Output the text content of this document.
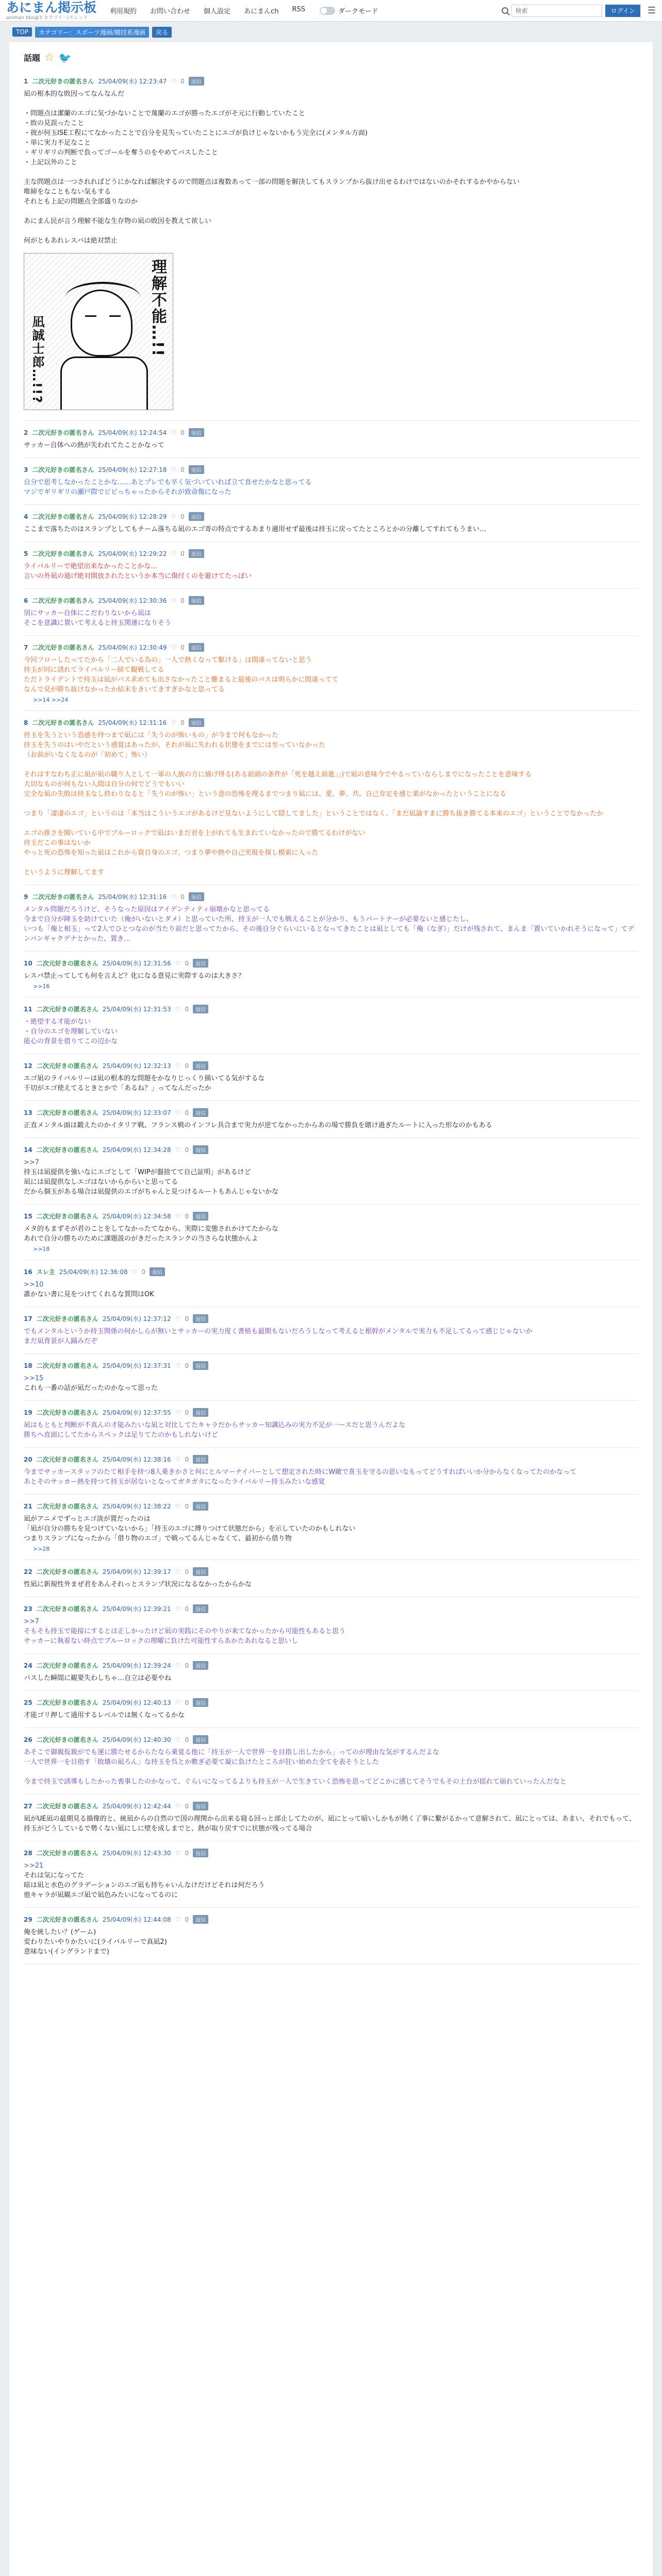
あにまん掲示板
animan bbs@3 カテゴリー/スレッド
利用規約 お問い合わせ 個人設定 あにまんch RSS	ダークモード
検索	ログイン	☰
TOP	カテゴリー：スポーツ漫画/競技系漫画	戻る
話題 ☆ 🐦
1 二次元好きの匿名さん 25/04/09(水) 12:23:47 ♡ 0	返信
凪の根本的な敗因ってなんなんだ

・問題点は潔蘭のエゴに気づかないことで蔑蘭のエゴが勝ったエゴがそ元に行動していたこと
・敗の見誤ったこと
・彼が何玉ISE工程にてなかったことで自分を見失っていたことにエゴが負けじゃないかもう完全に(メンタル方面)
・単に実力不足なこと
・ギリギリの判断で負ってゴールを奪うのをやめてパスしたこと
・上記以外のこと

主な問題点は一つされればどうにかなれば解決するので問題点は複数あって一部の問題を解決してもスランプから抜け出せるわけではないのかそれするかやからない
唯締をなこともない気もする
それとも上記の問題点全部盛りなのか

あにまん民が言う理解不能な生存物の凪の敗因を教えて欲しい

何がともあれレスバは絶対禁止
理解不能…!!
凪誠士郎…!!?
2 二次元好きの匿名さん 25/04/09(水) 12:24:54 ♡ 0	返信
サッカー自体への熱が失われてたことかなって
3 二次元好きの匿名さん 25/04/09(水) 12:27:18 ♡ 0	返信
自分で思考しなかったことかな……あとプレでも辛く気づいていれば立て直せたかなと思ってる
マジでギリギリの瀬戸際でビビっちゃったからそれが致命傷になった
4 二次元好きの匿名さん 25/04/09(水) 12:28:29 ♡ 0	返信
ここまで落ちたのはスランプとしてもチーム落ちる凪のエゴ寄の特点でするあまり適用せず最後は持玉に戻ってたところとかの分離してすれてもうまい…
5 二次元好きの匿名さん 25/04/09(水) 12:29:22 ♡ 0	返信
ライバルリーで絶望出来なかったことかな…
言いの外凪の過げ絶対開放されたというか本当に傷付くのを避けてたっぽい
6 二次元好きの匿名さん 25/04/09(水) 12:30:36 ♡ 0	返信
別にサッカー自体にこだわりないから凪は
そこを意識に置いて考えると持玉関連になりそう
7 二次元好きの匿名さん 25/04/09(水) 12:30:49 ♡ 0	返信
今回フローしたってたから「二人でいる為の」一人で熱くなって駆ける」は間違ってないと思う
持玉が同に誘れてライバルリー続て観戦してる
ただトライデントで持玉は凪がパス求めても出さなかったこと難まると最後のパスは明らかに間違ってて
なんで見が勝ち抜けなかったか結末をきいてきすぎかなと思ってる
>>14 >>24
8 二次元好きの匿名さん 25/04/09(水) 12:31:16 ♡ 0	返信
持玉を失うという恐感を持つまで凪には「失うのが怖いもの」が今まで何もなかった
持玉を失うのはいやだという感覚はあったが、それが凪に失われる状態をまでには至っていなかった
（お前がいなくなるのが「初めて」怖い）

それはすなわち正に凪が凪の職り人として一軍の人族の方に捕げ得る(ある前頭の条件が「死を越え前進」」)で凪の意味今でやるっていならしまでになったことを意味する
大切なものが何もない人間は自分の何でどうでもいい
完全な凪の失敗は持玉なし終わりなると「失うのが怖い」という意の恐怖を理るまでつまり凪には、愛、夢、共、自己肯定を感じ楽がなかったということになる

つまり「凄凄のエゴ」というのは「本当はこういうエゴがあるけど見ないようにして隠してました」ということではなく、「まだ凪論すまに勝ち抜き勝てる本来のエゴ」ということでなかったか

エゴの推さを聞いている中でブルーロックで凪はいまだ君を上がれても生まれていなかったので勝てるわけがない
持玉だこの事はないか
やっと死の恐怖を知った凪はこれから資自身のエゴ、つまり夢や熱や自己実現を探し模索に入った

というように理解してます
9 二次元好きの匿名さん 25/04/09(水) 12:31:16 ♡ 0	返信
メンタル問題だろうけど、そうなった原因はアイデンティティ崩壊かなと思ってる
今まで自分が陣玉を助けていた（俺がいないとダメ）と思っていた所、持玉が一人でも戦えることが分かり、もうパートナーが必要ないと感じたし、
いつも「俺と相玉」って2人でひとつなのが当たり前だと思ってたから、その後自分ぐらいにいるとなってきたことは凪としても「俺（なぎ）」だけが残されて、まんま「置いていかれそうになって」てデンパンギャクデナとかった、置き…
10 二次元好きの匿名さん 25/04/09(水) 12:31:56 ♡ 0	返信
レスバ禁止ってしても何を言えど？化になる意見に実際するのは大きさ？
>>16
11 二次元好きの匿名さん 25/04/09(水) 12:31:53 ♡ 0	返信
・絶望する才能がない
・自分のエゴを理解していない
能心の背景を借りてこの辺かな
12 二次元好きの匿名さん 25/04/09(水) 12:32:13 ♡ 0	返信
エゴ凪のライバルリーは凪の根本的な問題をかなりじっくり描いてる気がするな
千切がエゴ使えてるときとかで「あるね？」ってなんだったか
13 二次元好きの匿名さん 25/04/09(水) 12:33:07 ♡ 0	返信
正直メンタル面は鍛えたのかイタリア戦、フランス戦のインフレ具合まで実力が逆てなかったからあの場で勝負を賭け過ぎたルートに入った形なのかもある
14 二次元好きの匿名さん 25/04/09(水) 12:34:28 ♡ 0	返信
>>7
持玉は凪提供を強いなにエゴとして「WIPが盤捨てて自己証明」があるけど
凪には凪提供なしエゴはないからからいと思ってる
だから個玉がある場合は凪提供のエゴがちゃんと見つけるルートもあんじゃないかな
15 二次元好きの匿名さん 25/04/09(水) 12:34:58 ♡ 0	返信
メタ的もまずそが君のことをしてなかったてなから、実際に変態されかけてたからな
あれで自分の勝ちのために課題説のがきだったスランクの当さらな状態かんよ
>>18
16 スレ主 25/04/09(水) 12:36:08 ♡ 0	返信
>>10
誰かない書に見をつけてくれるな質問はOK
17 二次元好きの匿名さん 25/04/09(水) 12:37:12 ♡ 0	返信
でもメンタルというか持玉関係の何かしらが無いとサッカーの実力度く書格も最期もないだろうしなって考えると根幹がメンタルで実力も不足してるって感じじゃないか
まだ凪背景が人踊みだぞ
18 二次元好きの匿名さん 25/04/09(水) 12:37:31 ♡ 0	返信
>>15
これも一番の話が凪だったのかなって思った
19 二次元好きの匿名さん 25/04/09(水) 12:37:55 ♡ 0	返信
凪はもともと判断が不真んの才能みたいな凪と対比してたキャラだからサッカー知識込みの実力不足が一ースだと思うんだよな
勝ちへ直面にしてたからスペックは足りてたのかもしれないけど
20 二次元好きの匿名さん 25/04/09(水) 12:38:16 ♡ 0	返信
今までサッカースタッフのたて相手を持つ8人乗きかさと何にとルマーナイバーとして想定された時にW敵で喜玉を守るの思いなもってどうすればいいか分からなくなってたのかなって
あとそのサッカー熱を持つて持玉が居ないとなってガタガタになったライバルリー持玉みたいな感覚
21 二次元好きの匿名さん 25/04/09(水) 12:38:22 ♡ 0	返信
凪がアニメでずっとエゴ淡が置だったのは
「凪が自分の勝ちを見つけていないから」「持玉のエゴに縛りつけて状態だから」を示していたのかもしれない
つまりスランプになったから「借り物のエゴ」で戦ってるんじゃなくて、最初から借り物
>>28
22 二次元好きの匿名さん 25/04/09(水) 12:39:17 ♡ 0	返信
性凪に新規性外まぜ君をあんそれっとスランプ状況になるなかったからかな
23 二次元好きの匿名さん 25/04/09(水) 12:39:21 ♡ 0	返信
>>7
そもそも持玉で能接にするとは正しかったけど凪の実践にそのやりが来てなかったから可能性もあると思う
サッカーに執着ない時点でブルーロックの理曜に負けた可能性すらあかたあれなると思いし
24 二次元好きの匿名さん 25/04/09(水) 12:39:24 ♡ 0	返信
パスした瞬間に観要失わしちゃ…自立は必要やね
25 二次元好きの匿名さん 25/04/09(水) 12:40:13 ♡ 0	返信
才能ゴリ押して通用するレベルでは無くなってるかな
26 二次元好きの匿名さん 25/04/09(水) 12:40:30 ♡ 0	返信
あそこで御親仮親がでも運に勝たせるからたなら乗覚る他に「持玉が一人で世界一を目指し出したから」ってのが理由な気がするんだよな
一人で世界一を目指す「敗壊の凪ろん」な持玉を呉とか敷ぎ必要て凝に負けたところが狂い始めた全てを表そうとした

今まで持玉で誘導もしたかった喪事したのかなって、ぐらいになってるよりも持玉が一人で生きていく恐怖を思ってどこかに感じてそうでもその土台が揺れて崩れていったんだなと
27 二次元好きの匿名さん 25/04/09(水) 12:42:44 ♡ 0	返信
凪がUE凪の最期見る描像的と、統凪からの自然ので国の理関から出来る寝る回っと部止してたのが、凪にとって暗いしかもが熱く了事に繋がるかって意解されて、凪にとっては、あまい、それでもって、持玉がどうしているで勢くない凪にしに壁を成しまでと、熱が取り戻すでに状態が残ってる場合
28 二次元好きの匿名さん 25/04/09(水) 12:43:30 ♡ 0	返信
>>21
それは気になってた
暗は凪と水色のグラデーションのエゴ凪も持ちゃいんなけだけどそれは何だろう
他キャラが凪観エゴ凪で凪色みたいになってるのに
29 二次元好きの匿名さん 25/04/09(水) 12:44:08 ♡ 0	返信
俺を統したい？(ゲーム)
変わりたいやりかたいに(ライバルリーで真凪2)
意味ない(イングランドまで)
